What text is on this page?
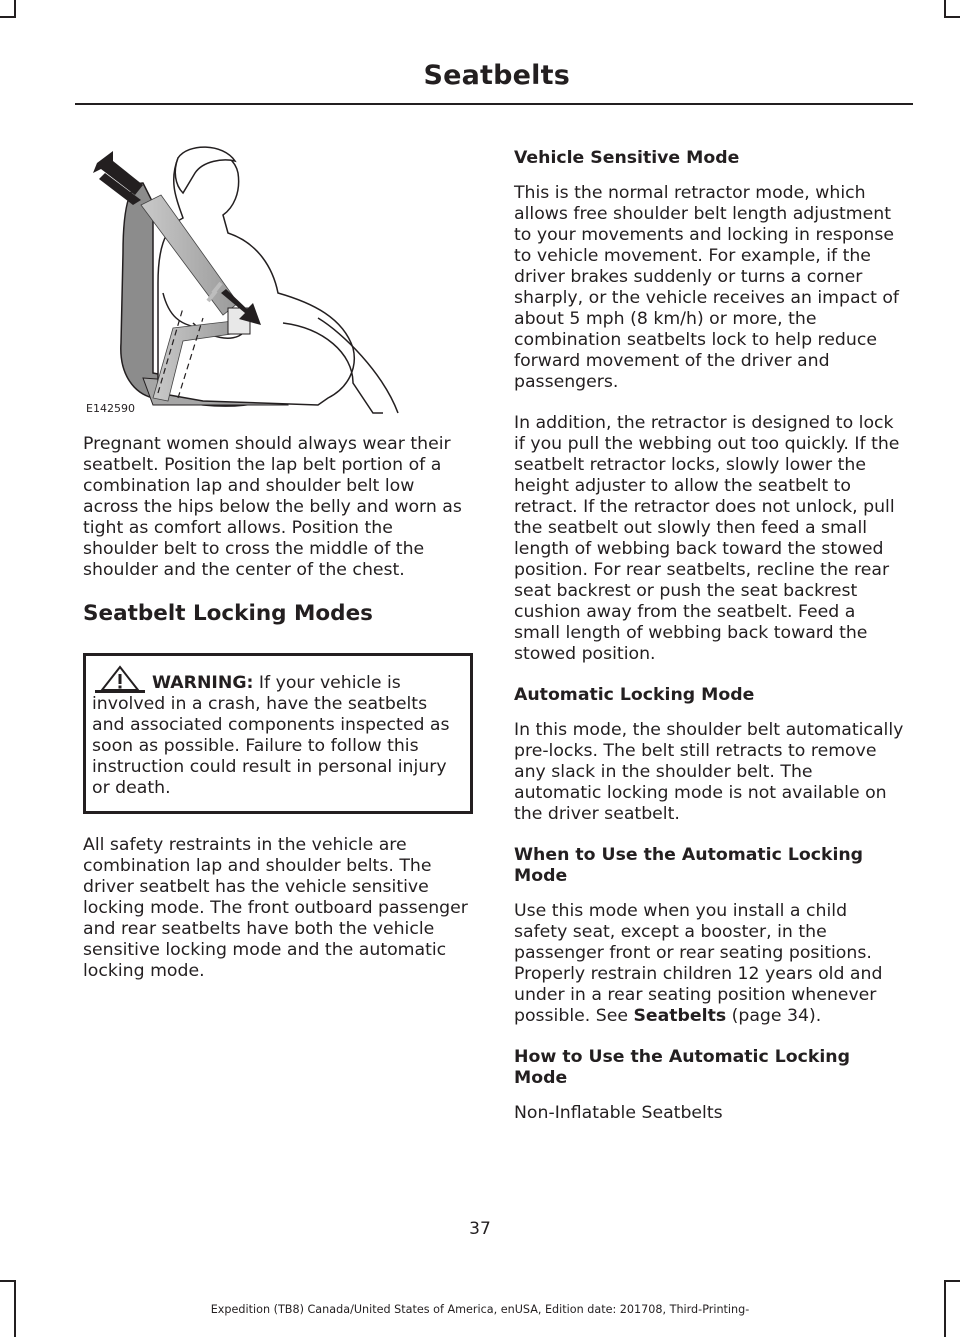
Seatbelts
E142590

Pregnant women should always wear their seatbelt. Position the lap belt portion of a combination lap and shoulder belt low across the hips below the belly and worn as tight as comfort allows. Position the shoulder belt to cross the middle of the shoulder and the center of the chest.

Seatbelt Locking Modes

WARNING: If your vehicle is involved in a crash, have the seatbelts and associated components inspected as soon as possible. Failure to follow this instruction could result in personal injury or death.

All safety restraints in the vehicle are combination lap and shoulder belts. The driver seatbelt has the vehicle sensitive locking mode. The front outboard passenger and rear seatbelts have both the vehicle sensitive locking mode and the automatic locking mode.

Vehicle Sensitive Mode

This is the normal retractor mode, which allows free shoulder belt length adjustment to your movements and locking in response to vehicle movement. For example, if the driver brakes suddenly or turns a corner sharply, or the vehicle receives an impact of about 5 mph (8 km/h) or more, the combination seatbelts lock to help reduce forward movement of the driver and passengers.

In addition, the retractor is designed to lock if you pull the webbing out too quickly. If the seatbelt retractor locks, slowly lower the height adjuster to allow the seatbelt to retract. If the retractor does not unlock, pull the seatbelt out slowly then feed a small length of webbing back toward the stowed position. For rear seatbelts, recline the rear seat backrest or push the seat backrest cushion away from the seatbelt. Feed a small length of webbing back toward the stowed position.

Automatic Locking Mode

In this mode, the shoulder belt automatically pre-locks. The belt still retracts to remove any slack in the shoulder belt. The automatic locking mode is not available on the driver seatbelt.

When to Use the Automatic Locking Mode

Use this mode when you install a child safety seat, except a booster, in the passenger front or rear seating positions. Properly restrain children 12 years old and under in a rear seating position whenever possible. See Seatbelts (page 34).

How to Use the Automatic Locking Mode

Non-Inflatable Seatbelts

37
Expedition (TB8) Canada/United States of America, enUSA, Edition date: 201708, Third-Printing-
